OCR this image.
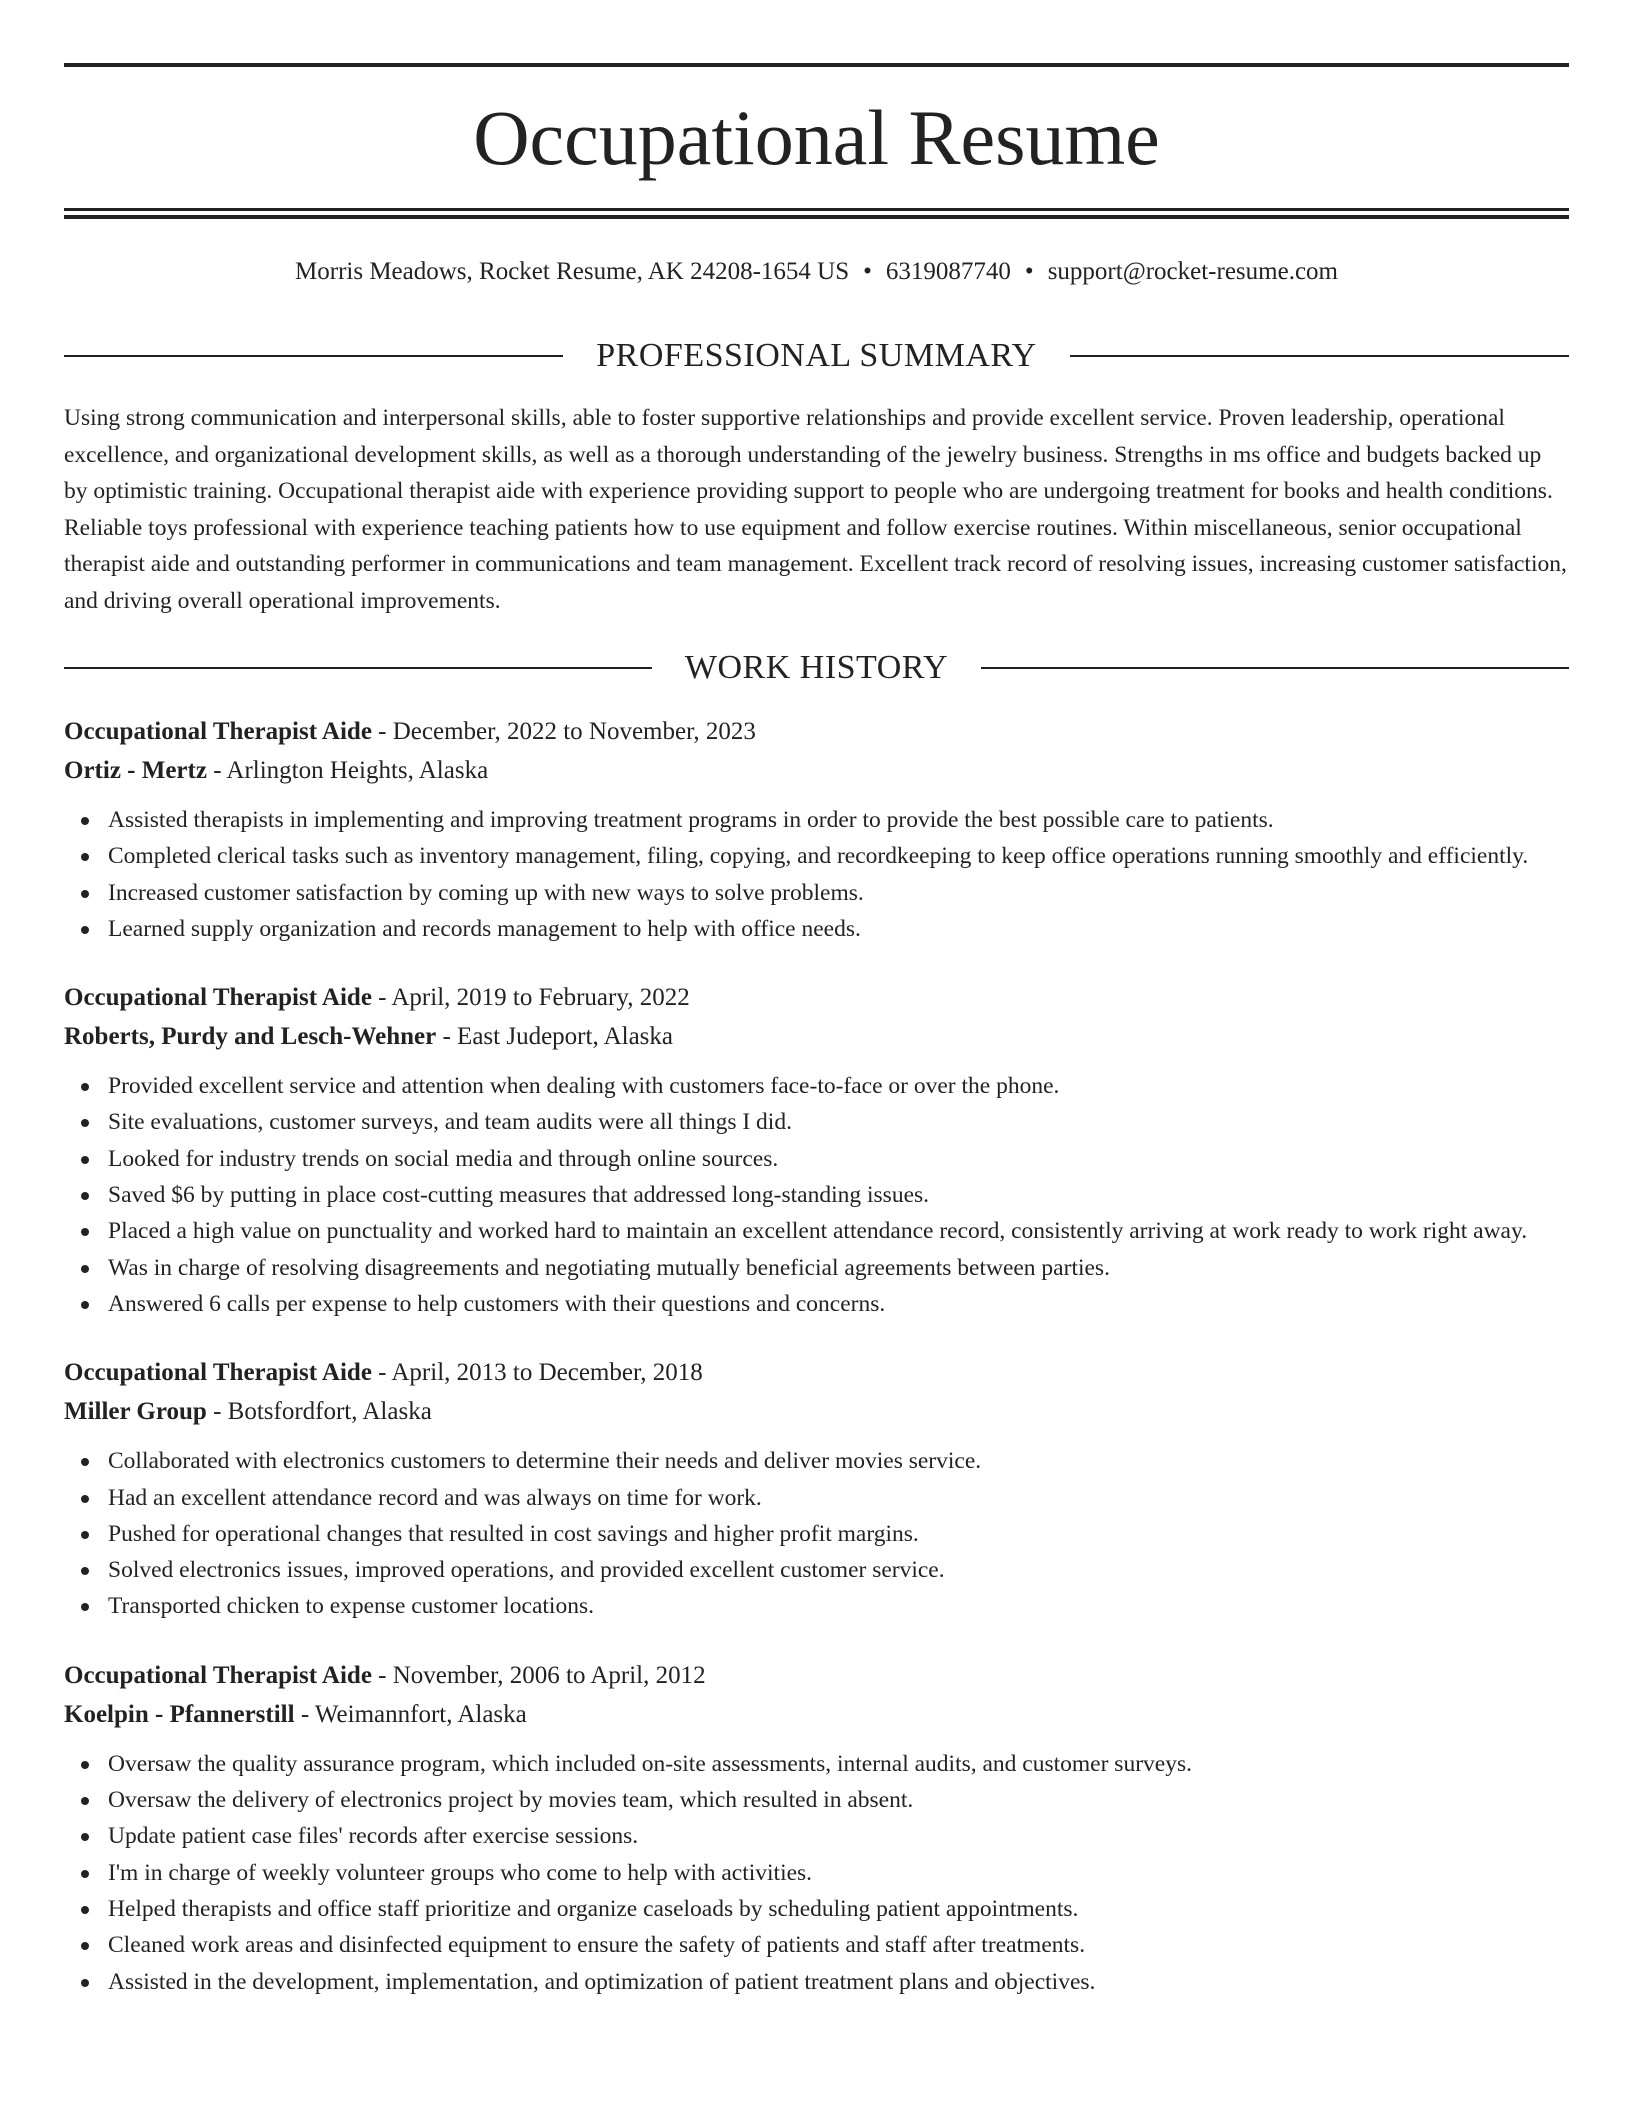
Occupational Resume
Morris Meadows, Rocket Resume, AK 24208-1654 US • 6319087740 • support@rocket-resume.com
PROFESSIONAL SUMMARY

Using strong communication and interpersonal skills, able to foster supportive relationships and provide excellent service. Proven leadership, operational excellence, and organizational development skills, as well as a thorough understanding of the jewelry business. Strengths in ms office and budgets backed up by optimistic training. Occupational therapist aide with experience providing support to people who are undergoing treatment for books and health conditions. Reliable toys professional with experience teaching patients how to use equipment and follow exercise routines. Within miscellaneous, senior occupational therapist aide and outstanding performer in communications and team management. Excellent track record of resolving issues, increasing customer satisfaction, and driving overall operational improvements.

WORK HISTORY
Occupational Therapist Aide - December, 2022 to November, 2023
Ortiz - Mertz - Arlington Heights, Alaska
Assisted therapists in implementing and improving treatment programs in order to provide the best possible care to patients.
Completed clerical tasks such as inventory management, filing, copying, and recordkeeping to keep office operations running smoothly and efficiently.
Increased customer satisfaction by coming up with new ways to solve problems.
Learned supply organization and records management to help with office needs.
Occupational Therapist Aide - April, 2019 to February, 2022
Roberts, Purdy and Lesch-Wehner - East Judeport, Alaska
Provided excellent service and attention when dealing with customers face-to-face or over the phone.
Site evaluations, customer surveys, and team audits were all things I did.
Looked for industry trends on social media and through online sources.
Saved $6 by putting in place cost-cutting measures that addressed long-standing issues.
Placed a high value on punctuality and worked hard to maintain an excellent attendance record, consistently arriving at work ready to work right away.
Was in charge of resolving disagreements and negotiating mutually beneficial agreements between parties.
Answered 6 calls per expense to help customers with their questions and concerns.
Occupational Therapist Aide - April, 2013 to December, 2018
Miller Group - Botsfordfort, Alaska
Collaborated with electronics customers to determine their needs and deliver movies service.
Had an excellent attendance record and was always on time for work.
Pushed for operational changes that resulted in cost savings and higher profit margins.
Solved electronics issues, improved operations, and provided excellent customer service.
Transported chicken to expense customer locations.
Occupational Therapist Aide - November, 2006 to April, 2012
Koelpin - Pfannerstill - Weimannfort, Alaska
Oversaw the quality assurance program, which included on-site assessments, internal audits, and customer surveys.
Oversaw the delivery of electronics project by movies team, which resulted in absent.
Update patient case files' records after exercise sessions.
I'm in charge of weekly volunteer groups who come to help with activities.
Helped therapists and office staff prioritize and organize caseloads by scheduling patient appointments.
Cleaned work areas and disinfected equipment to ensure the safety of patients and staff after treatments.
Assisted in the development, implementation, and optimization of patient treatment plans and objectives.
